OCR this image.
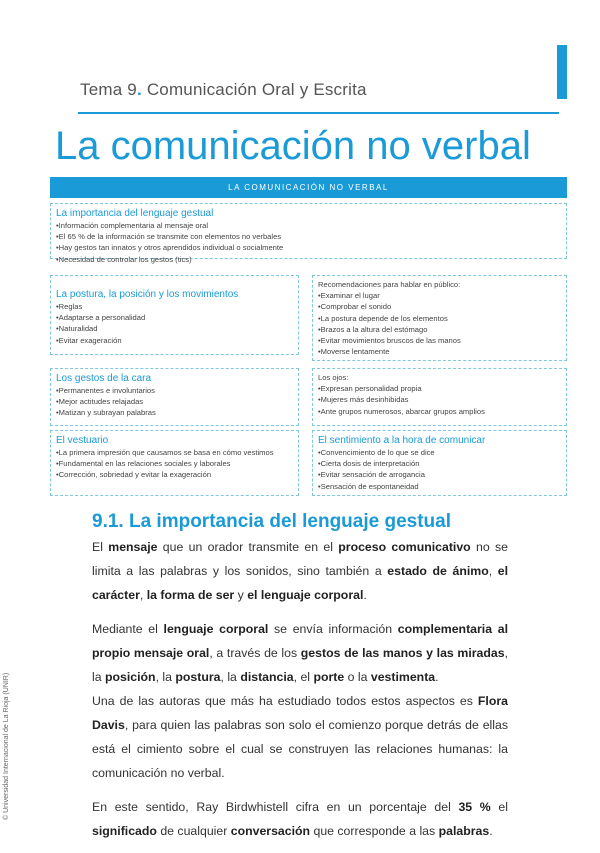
Tema 9. Comunicación Oral y Escrita
La comunicación no verbal
LA COMUNICACIÓN NO VERBAL
La importancia del lenguaje gestual
• Información complementaria al mensaje oral
• El 65 % de la información se transmite con elementos no verbales
• Hay gestos tan innatos y otros aprendidos individual o socialmente
• Necesidad de controlar los gestos (tics)
La postura, la posición y los movimientos
• Reglas
• Adaptarse a personalidad
• Naturalidad
• Evitar exageración
Recomendaciones para hablar en público:
• Examinar el lugar
• Comprobar el sonido
• La postura depende de los elementos
• Brazos a la altura del estómago
• Evitar movimientos bruscos de las manos
• Moverse lentamente
Los gestos de la cara
• Permanentes e involuntarios
• Mejor actitudes relajadas
• Matizan y subrayan palabras
Los ojos:
• Expresan personalidad propia
• Mujeres más desinhibidas
• Ante grupos numerosos, abarcar grupos amplios
El vestuario
• La primera impresión que causamos se basa en cómo vestimos
• Fundamental en las relaciones sociales y laborales
• Corrección, sobriedad y evitar la exageración
El sentimiento a la hora de comunicar
• Convencimiento de lo que se dice
• Cierta dosis de interpretación
• Evitar sensación de arrogancia
• Sensación de espontaneidad
9.1. La importancia del lenguaje gestual

El mensaje que un orador transmite en el proceso comunicativo no se limita a las palabras y los sonidos, sino también a estado de ánimo, el carácter, la forma de ser y el lenguaje corporal.

Mediante el lenguaje corporal se envía información complementaria al propio mensaje oral, a través de los gestos de las manos y las miradas, la posición, la postura, la distancia, el porte o la vestimenta.

Una de las autoras que más ha estudiado todos estos aspectos es Flora Davis, para quien las palabras son solo el comienzo porque detrás de ellas está el cimiento sobre el cual se construyen las relaciones humanas: la comunicación no verbal.

En este sentido, Ray Birdwhistell cifra en un porcentaje del 35 % el significado de cualquier conversación que corresponde a las palabras.

© Universidad Internacional de La Rioja (UNIR)
